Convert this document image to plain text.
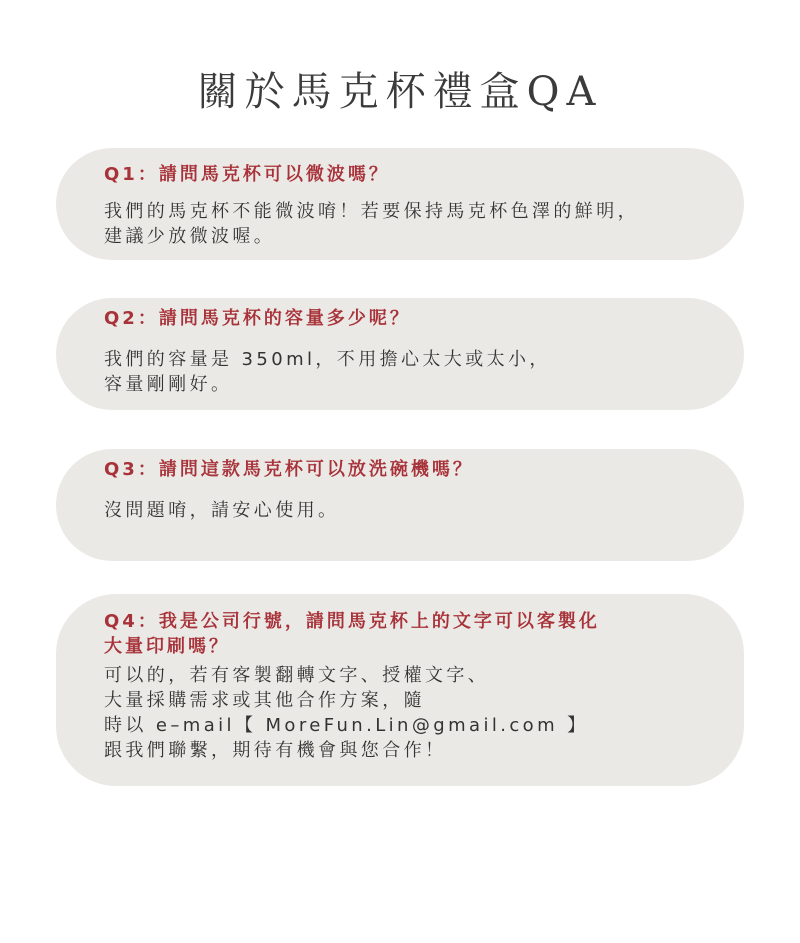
關於馬克杯禮盒QA
Q1：請問馬克杯可以微波嗎？
我們的馬克杯不能微波唷！若要保持馬克杯色澤的鮮明，
建議少放微波喔。
Q2：請問馬克杯的容量多少呢？
我們的容量是 350ml，不用擔心太大或太小，
容量剛剛好。
Q3：請問這款馬克杯可以放洗碗機嗎？
沒問題唷，請安心使用。
Q4：我是公司行號，請問馬克杯上的文字可以客製化
大量印刷嗎？
可以的，若有客製翻轉文字、授權文字、
大量採購需求或其他合作方案，隨
時以 e–mail【 MoreFun.Lin@gmail.com 】
跟我們聯繫，期待有機會與您合作！
